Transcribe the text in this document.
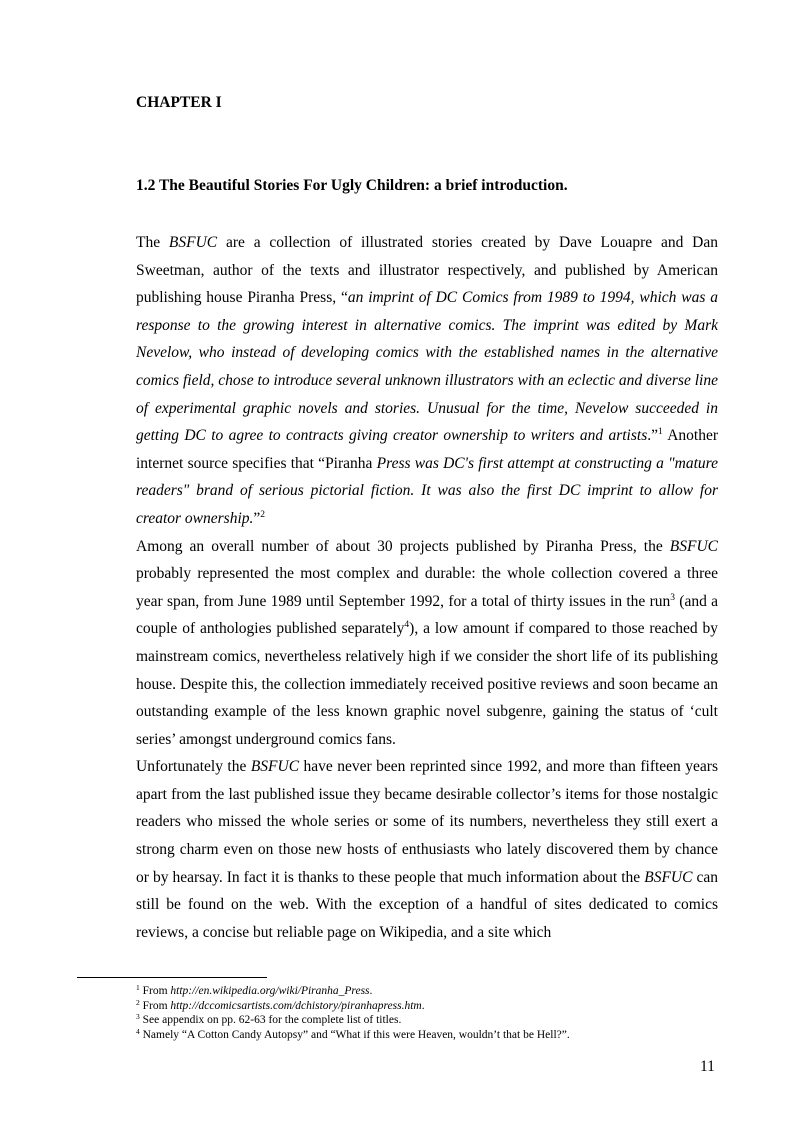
CHAPTER I
1.2 The Beautiful Stories For Ugly Children: a brief introduction.

The BSFUC are a collection of illustrated stories created by Dave Louapre and Dan Sweetman, author of the texts and illustrator respectively, and published by American publishing house Piranha Press, “an imprint of DC Comics from 1989 to 1994, which was a response to the growing interest in alternative comics. The imprint was edited by Mark Nevelow, who instead of developing comics with the established names in the alternative comics field, chose to introduce several unknown illustrators with an eclectic and diverse line of experimental graphic novels and stories. Unusual for the time, Nevelow succeeded in getting DC to agree to contracts giving creator ownership to writers and artists.”$^1$ Another internet source specifies that “Piranha Press was DC's first attempt at constructing a "mature readers" brand of serious pictorial fiction. It was also the first DC imprint to allow for creator ownership.”$^2$

Among an overall number of about 30 projects published by Piranha Press, the BSFUC probably represented the most complex and durable: the whole collection covered a three year span, from June 1989 until September 1992, for a total of thirty issues in the run$^3$ (and a couple of anthologies published separately$^4$), a low amount if compared to those reached by mainstream comics, nevertheless relatively high if we consider the short life of its publishing house. Despite this, the collection immediately received positive reviews and soon became an outstanding example of the less known graphic novel subgenre, gaining the status of ‘cult series’ amongst underground comics fans.

Unfortunately the BSFUC have never been reprinted since 1992, and more than fifteen years apart from the last published issue they became desirable collector’s items for those nostalgic readers who missed the whole series or some of its numbers, nevertheless they still exert a strong charm even on those new hosts of enthusiasts who lately discovered them by chance or by hearsay. In fact it is thanks to these people that much information about the BSFUC can still be found on the web. With the exception of a handful of sites dedicated to comics reviews, a concise but reliable page on Wikipedia, and a site which

$^1$ From http://en.wikipedia.org/wiki/Piranha_Press.
$^2$ From http://dccomicsartists.com/dchistory/piranhapress.htm.
$^3$ See appendix on pp. 62-63 for the complete list of titles.
$^4$ Namely “A Cotton Candy Autopsy” and “What if this were Heaven, wouldn’t that be Hell?”.
11
